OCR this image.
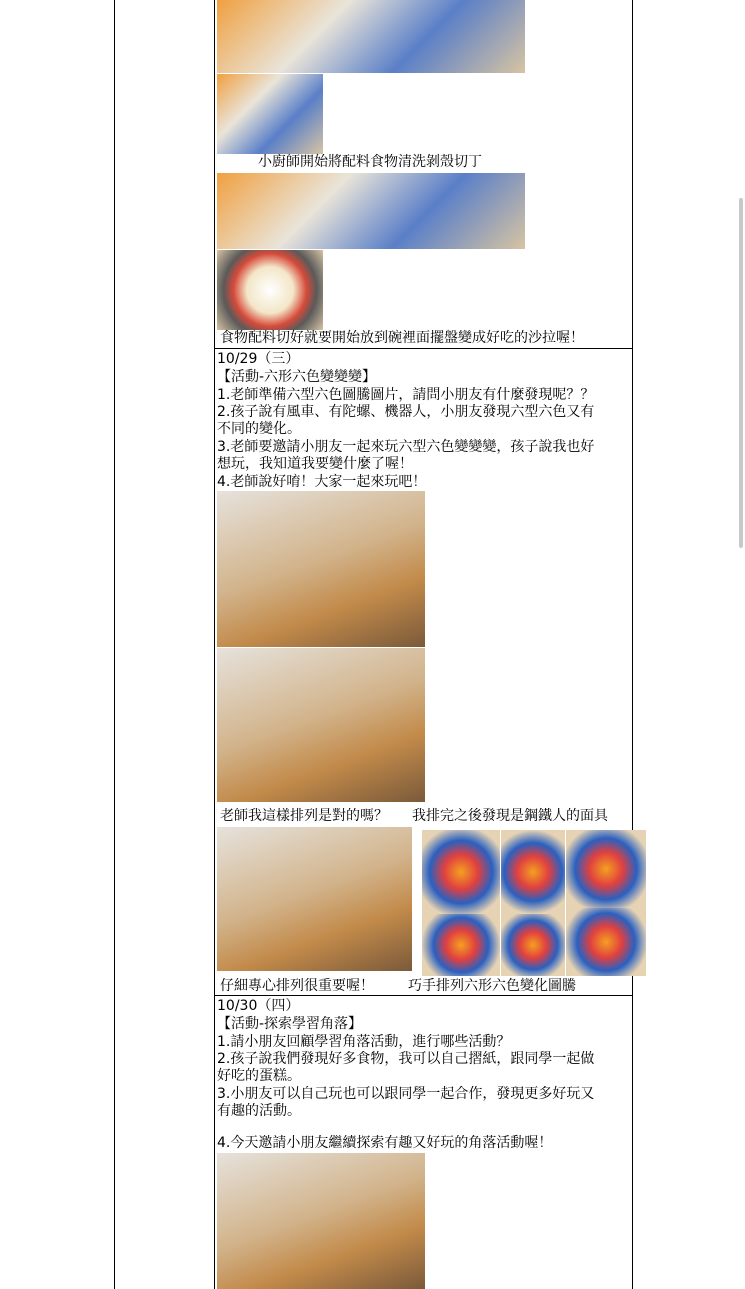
小廚師開始將配料食物清洗剝殼切丁
食物配料切好就要開始放到碗裡面擺盤變成好吃的沙拉喔！
10/29（三）
【活動-六形六色變變變】
1.老師準備六型六色圖騰圖片，請問小朋友有什麼發現呢？？
2.孩子說有風車、有陀螺、機器人，小朋友發現六型六色又有
不同的變化。
3.老師要邀請小朋友一起來玩六型六色變變變，孩子說我也好
想玩，我知道我要變什麼了喔！
4.老師說好唷！大家一起來玩吧！
老師我這樣排列是對的嗎？ 我排完之後發現是鋼鐵人的面具
仔細專心排列很重要喔！ 巧手排列六形六色變化圖騰
10/30（四）
【活動-探索學習角落】
1.請小朋友回顧學習角落活動，進行哪些活動？
2.孩子說我們發現好多食物，我可以自己摺紙，跟同學一起做
好吃的蛋糕。
3.小朋友可以自己玩也可以跟同學一起合作，發現更多好玩又
有趣的活動。
4.今天邀請小朋友繼續探索有趣又好玩的角落活動喔！
